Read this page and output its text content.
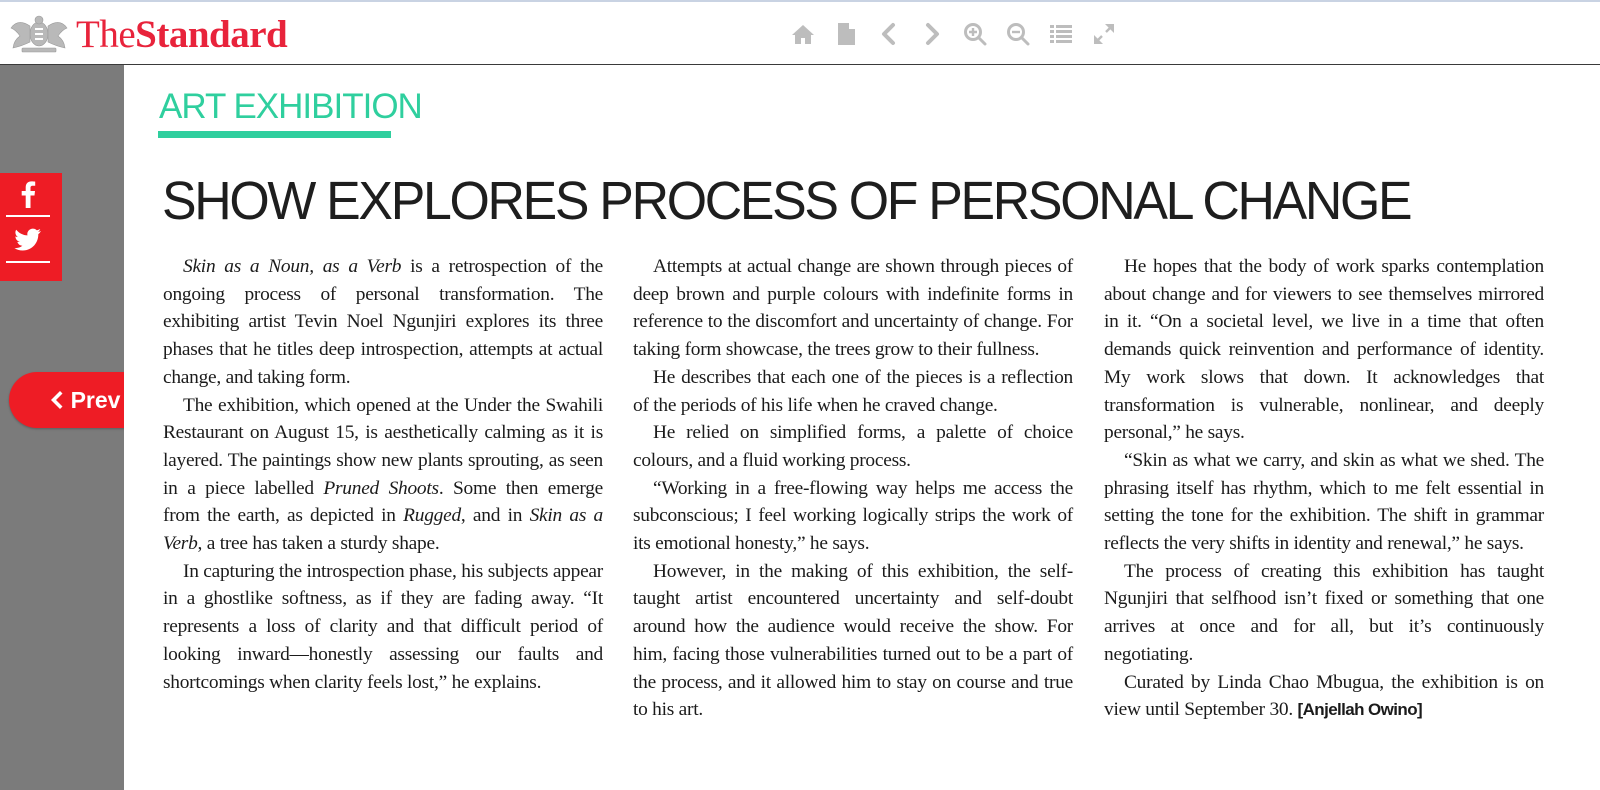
The Standard
Prev
ART EXHIBITION
SHOW EXPLORES PROCESS OF PERSONAL CHANGE

Skin as a Noun, as a Verb is a retrospection of the ongoing process of personal transformation. The exhibiting artist Tevin Noel Ngunjiri explores its three phases that he titles deep introspection, attempts at actual change, and taking form.

The exhibition, which opened at the Under the Swahili Restaurant on August 15, is aesthetically calming as it is layered. The paintings show new plants sprouting, as seen in a piece labelled Pruned Shoots. Some then emerge from the earth, as depicted in Rugged, and in Skin as a Verb, a tree has taken a sturdy shape.

In capturing the introspection phase, his subjects appear in a ghostlike softness, as if they are fading away. “It represents a loss of clarity and that difficult period of looking inward—honestly assessing our faults and shortcomings when clarity feels lost,” he explains.

Attempts at actual change are shown through pieces of deep brown and purple colours with indefinite forms in reference to the discomfort and uncertainty of change. For taking form showcase, the trees grow to their fullness.

He describes that each one of the pieces is a reflection of the periods of his life when he craved change.

He relied on simplified forms, a palette of choice colours, and a fluid working process.

“Working in a free-flowing way helps me access the subconscious; I feel working logically strips the work of its emotional honesty,” he says.

However, in the making of this exhibition, the self-taught artist encountered uncertainty and self-doubt around how the audience would receive the show. For him, facing those vulnerabilities turned out to be a part of the process, and it allowed him to stay on course and true to his art.

He hopes that the body of work sparks contemplation about change and for viewers to see themselves mirrored in it. “On a societal level, we live in a time that often demands quick reinvention and performance of identity. My work slows that down. It acknowledges that transformation is vulnerable, nonlinear, and deeply personal,” he says.

“Skin as what we carry, and skin as what we shed. The phrasing itself has rhythm, which to me felt essential in setting the tone for the exhibition. The shift in grammar reflects the very shifts in identity and renewal,” he says.

The process of creating this exhibition has taught Ngunjiri that selfhood isn’t fixed or something that one arrives at once and for all, but it’s continuously negotiating.

Curated by Linda Chao Mbugua, the exhibition is on view until September 30. [Anjellah Owino]
